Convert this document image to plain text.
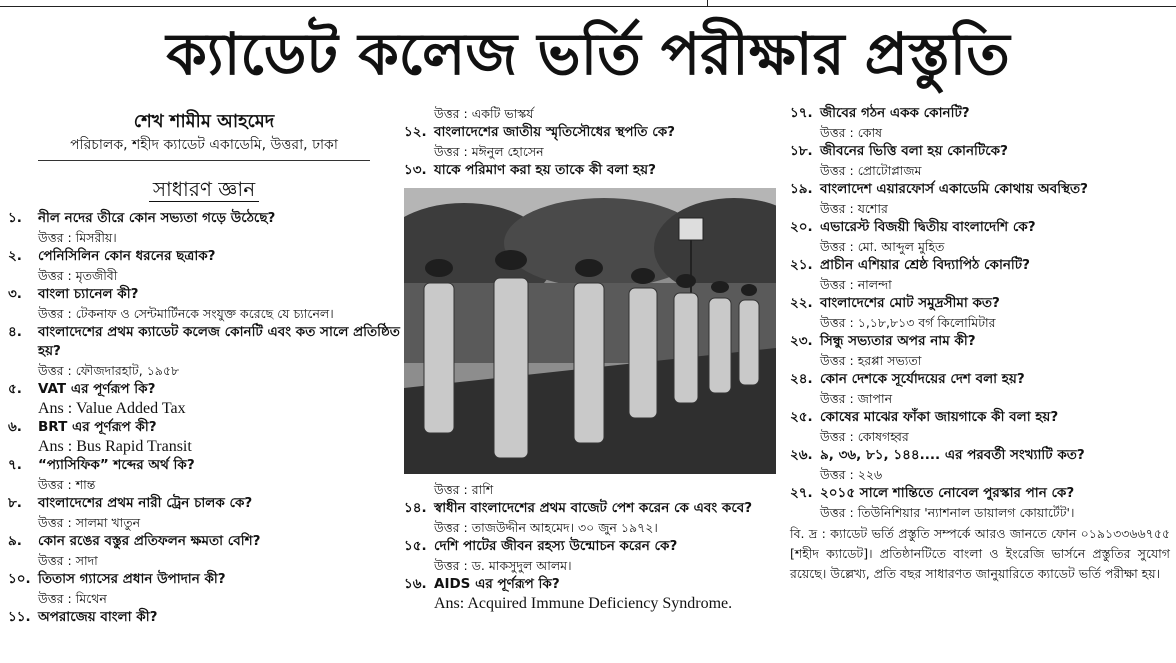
ক্যাডেট কলেজ ভর্তি পরীক্ষার প্রস্তুতি
শেখ শামীম আহমেদ
পরিচালক, শহীদ ক্যাডেট একাডেমি, উত্তরা, ঢাকা
সাধারণ জ্ঞান
১.	নীল নদের তীরে কোন সভ্যতা গড়ে উঠেছে?
উত্তর : মিসরীয়।
২.	পেনিসিলিন কোন ধরনের ছত্রাক?
উত্তর : মৃতজীবী
৩.	বাংলা চ্যানেল কী?
উত্তর : টেকনাফ ও সেন্টমার্টিনকে সংযুক্ত করেছে যে চ্যানেল।
৪.	বাংলাদেশের প্রথম ক্যাডেট কলেজ কোনটি এবং কত সালে প্রতিষ্ঠিত হয়?
উত্তর : ফৌজদারহাট, ১৯৫৮
৫.	VAT এর পূর্ণরূপ কি?
Ans : Value Added Tax
৬.	BRT এর পূর্ণরূপ কী?
Ans : Bus Rapid Transit
৭.	“প্যাসিফিক” শব্দের অর্থ কি?
উত্তর : শান্ত
৮.	বাংলাদেশের প্রথম নারী ট্রেন চালক কে?
উত্তর : সালমা খাতুন
৯.	কোন রঙের বস্তুর প্রতিফলন ক্ষমতা বেশি?
উত্তর : সাদা
১০. তিতাস গ্যাসের প্রধান উপাদান কী?
উত্তর : মিথেন
১১. অপরাজেয় বাংলা কী?
উত্তর : একটি ভাস্কর্য
১২. বাংলাদেশের জাতীয় স্মৃতিসৌধের স্থপতি কে?
উত্তর : মঈনুল হোসেন
১৩. যাকে পরিমাণ করা হয় তাকে কী বলা হয়?
উত্তর : রাশি
১৪. স্বাধীন বাংলাদেশের প্রথম বাজেট পেশ করেন কে এবং কবে?
উত্তর : তাজউদ্দীন আহমেদ। ৩০ জুন ১৯৭২।
১৫. দেশি পাটের জীবন রহস্য উন্মোচন করেন কে?
উত্তর : ড. মাকসুদুল আলম।
১৬. AIDS এর পূর্ণরূপ কি?
Ans: Acquired Immune Deficiency Syndrome.
১৭. জীবের গঠন একক কোনটি?
উত্তর : কোষ
১৮. জীবনের ভিত্তি বলা হয় কোনটিকে?
উত্তর : প্রোটোপ্লাজম
১৯. বাংলাদেশ এয়ারফোর্স একাডেমি কোথায় অবস্থিত?
উত্তর : যশোর
২০. এভারেস্ট বিজয়ী দ্বিতীয় বাংলাদেশি কে?
উত্তর : মো. আব্দুল মুহিত
২১. প্রাচীন এশিয়ার শ্রেষ্ঠ বিদ্যাপিঠ কোনটি?
উত্তর : নালন্দা
২২. বাংলাদেশের মোট সমুদ্রসীমা কত?
উত্তর : ১,১৮,৮১৩ বর্গ কিলোমিটার
২৩. সিন্ধু সভ্যতার অপর নাম কী?
উত্তর : হরপ্পা সভ্যতা
২৪. কোন দেশকে সূর্যোদয়ের দেশ বলা হয়?
উত্তর : জাপান
২৫. কোষের মাঝের ফাঁকা জায়গাকে কী বলা হয়?
উত্তর : কোষগহ্বর
২৬. ৯, ৩৬, ৮১, ১৪৪.... এর পরবর্তী সংখ্যাটি কত?
উত্তর : ২২৬
২৭. ২০১৫ সালে শান্তিতে নোবেল পুরস্কার পান কে?
উত্তর : তিউনিশিয়ার 'ন্যাশনাল ডায়ালগ কোয়ার্টেট'।
বি. দ্র : ক্যাডেট ভর্তি প্রস্তুতি সম্পর্কে আরও জানতে ফোন ০১৯১৩৩৬৬৭৫৫ [শহীদ ক্যাডেট]। প্রতিষ্ঠানটিতে বাংলা ও ইংরেজি ভার্সনে প্রস্তুতির সুযোগ রয়েছে। উল্লেখ্য, প্রতি বছর সাধারণত জানুয়ারিতে ক্যাডেট ভর্তি পরীক্ষা হয়।
